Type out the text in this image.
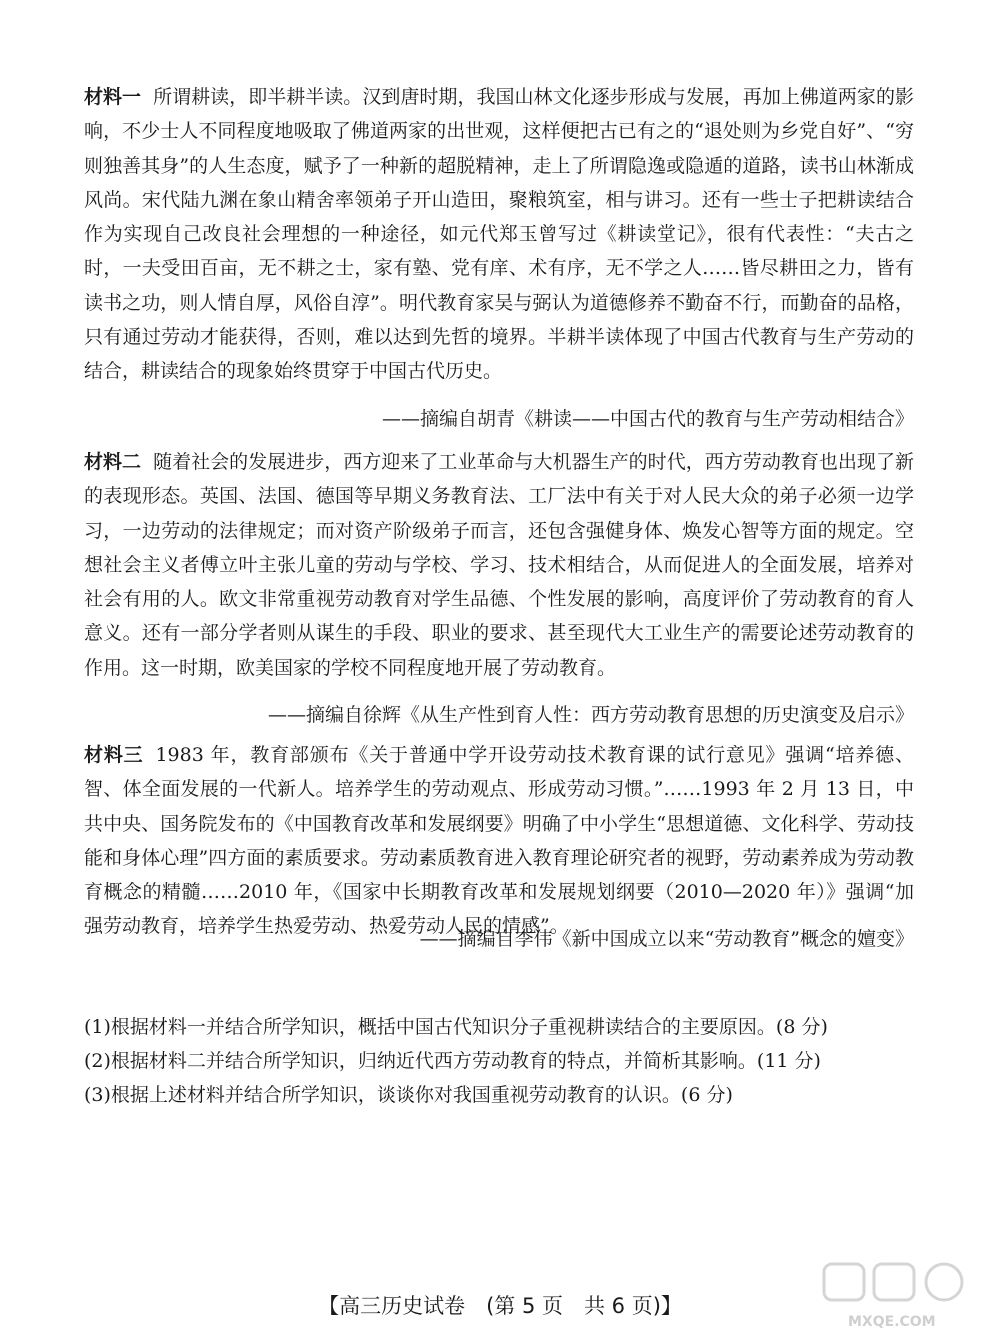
材料一 所谓耕读，即半耕半读。汉到唐时期，我国山林文化逐步形成与发展，再加上佛道两家的影响，不少士人不同程度地吸取了佛道两家的出世观，这样便把古已有之的“退处则为乡党自好”、“穷则独善其身”的人生态度，赋予了一种新的超脱精神，走上了所谓隐逸或隐遁的道路，读书山林渐成风尚。宋代陆九渊在象山精舍率领弟子开山造田，聚粮筑室，相与讲习。还有一些士子把耕读结合作为实现自己改良社会理想的一种途径，如元代郑玉曾写过《耕读堂记》，很有代表性：“夫古之时，一夫受田百亩，无不耕之士，家有塾、党有庠、术有序，无不学之人……皆尽耕田之力，皆有读书之功，则人情自厚，风俗自淳”。明代教育家吴与弼认为道德修养不勤奋不行，而勤奋的品格，只有通过劳动才能获得，否则，难以达到先哲的境界。半耕半读体现了中国古代教育与生产劳动的结合，耕读结合的现象始终贯穿于中国古代历史。

——摘编自胡青《耕读——中国古代的教育与生产劳动相结合》

材料二 随着社会的发展进步，西方迎来了工业革命与大机器生产的时代，西方劳动教育也出现了新的表现形态。英国、法国、德国等早期义务教育法、工厂法中有关于对人民大众的弟子必须一边学习，一边劳动的法律规定；而对资产阶级弟子而言，还包含强健身体、焕发心智等方面的规定。空想社会主义者傅立叶主张儿童的劳动与学校、学习、技术相结合，从而促进人的全面发展，培养对社会有用的人。欧文非常重视劳动教育对学生品德、个性发展的影响，高度评价了劳动教育的育人意义。还有一部分学者则从谋生的手段、职业的要求、甚至现代大工业生产的需要论述劳动教育的作用。这一时期，欧美国家的学校不同程度地开展了劳动教育。

——摘编自徐辉《从生产性到育人性：西方劳动教育思想的历史演变及启示》

材料三 1983 年，教育部颁布《关于普通中学开设劳动技术教育课的试行意见》强调“培养德、智、体全面发展的一代新人。培养学生的劳动观点、形成劳动习惯。”……1993 年 2 月 13 日，中共中央、国务院发布的《中国教育改革和发展纲要》明确了中小学生“思想道德、文化科学、劳动技能和身体心理”四方面的素质要求。劳动素质教育进入教育理论研究者的视野，劳动素养成为劳动教育概念的精髓……2010 年，《国家中长期教育改革和发展规划纲要（2010—2020 年）》强调“加强劳动教育，培养学生热爱劳动、热爱劳动人民的情感”。

——摘编自李伟《新中国成立以来“劳动教育”概念的嬗变》

(1)根据材料一并结合所学知识，概括中国古代知识分子重视耕读结合的主要原因。(8 分)

(2)根据材料二并结合所学知识，归纳近代西方劳动教育的特点，并简析其影响。(11 分)

(3)根据上述材料并结合所学知识，谈谈你对我国重视劳动教育的认识。(6 分)

【高三历史试卷　(第 5 页　共 6 页)】
MXQE.COM
